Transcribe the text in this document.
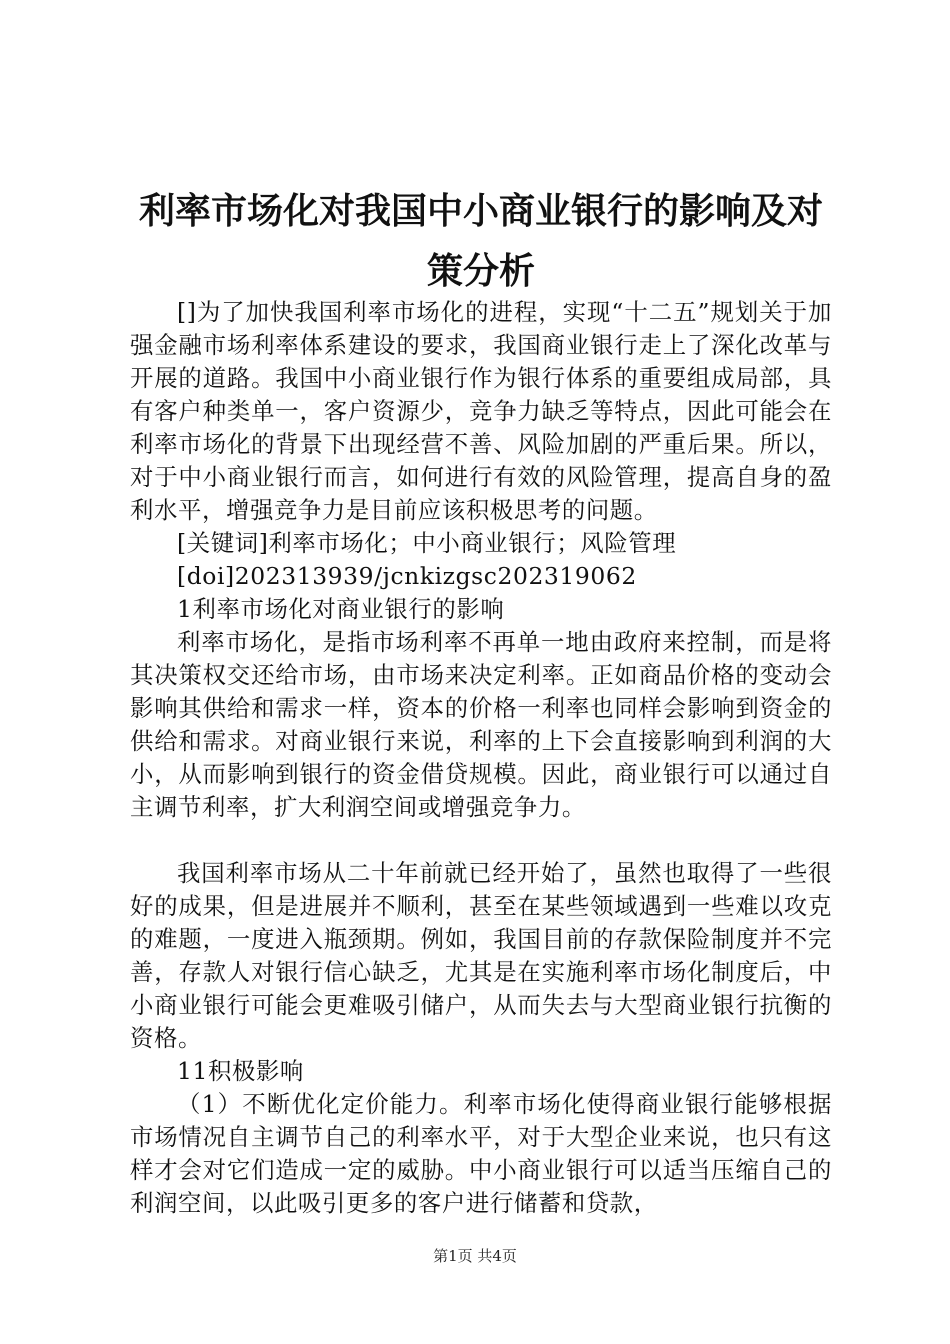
利率市场化对我国中小商业银行的影响及对策分析

[]为了加快我国利率市场化的进程，实现“十二五”规划关于加强金融市场利率体系建设的要求，我国商业银行走上了深化改革与开展的道路。我国中小商业银行作为银行体系的重要组成局部，具有客户种类单一，客户资源少，竞争力缺乏等特点，因此可能会在利率市场化的背景下出现经营不善、风险加剧的严重后果。所以，对于中小商业银行而言，如何进行有效的风险管理，提高自身的盈利水平，增强竞争力是目前应该积极思考的问题。

[关键词]利率市场化；中小商业银行；风险管理

[doi]202313939/jcnkizgsc202319062

1利率市场化对商业银行的影响

利率市场化，是指市场利率不再单一地由政府来控制，而是将其决策权交还给市场，由市场来决定利率。正如商品价格的变动会影响其供给和需求一样，资本的价格一利率也同样会影响到资金的供给和需求。对商业银行来说，利率的上下会直接影响到利润的大小，从而影响到银行的资金借贷规模。因此，商业银行可以通过自主调节利率，扩大利润空间或增强竞争力。

我国利率市场从二十年前就已经开始了，虽然也取得了一些很好的成果，但是进展并不顺利，甚至在某些领域遇到一些难以攻克的难题，一度进入瓶颈期。例如，我国目前的存款保险制度并不完善，存款人对银行信心缺乏，尤其是在实施利率市场化制度后，中小商业银行可能会更难吸引储户，从而失去与大型商业银行抗衡的资格。

11积极影响

（1）不断优化定价能力。利率市场化使得商业银行能够根据市场情况自主调节自己的利率水平，对于大型企业来说，也只有这样才会对它们造成一定的威胁。中小商业银行可以适当压缩自己的利润空间，以此吸引更多的客户进行储蓄和贷款，

第1页 共4页
